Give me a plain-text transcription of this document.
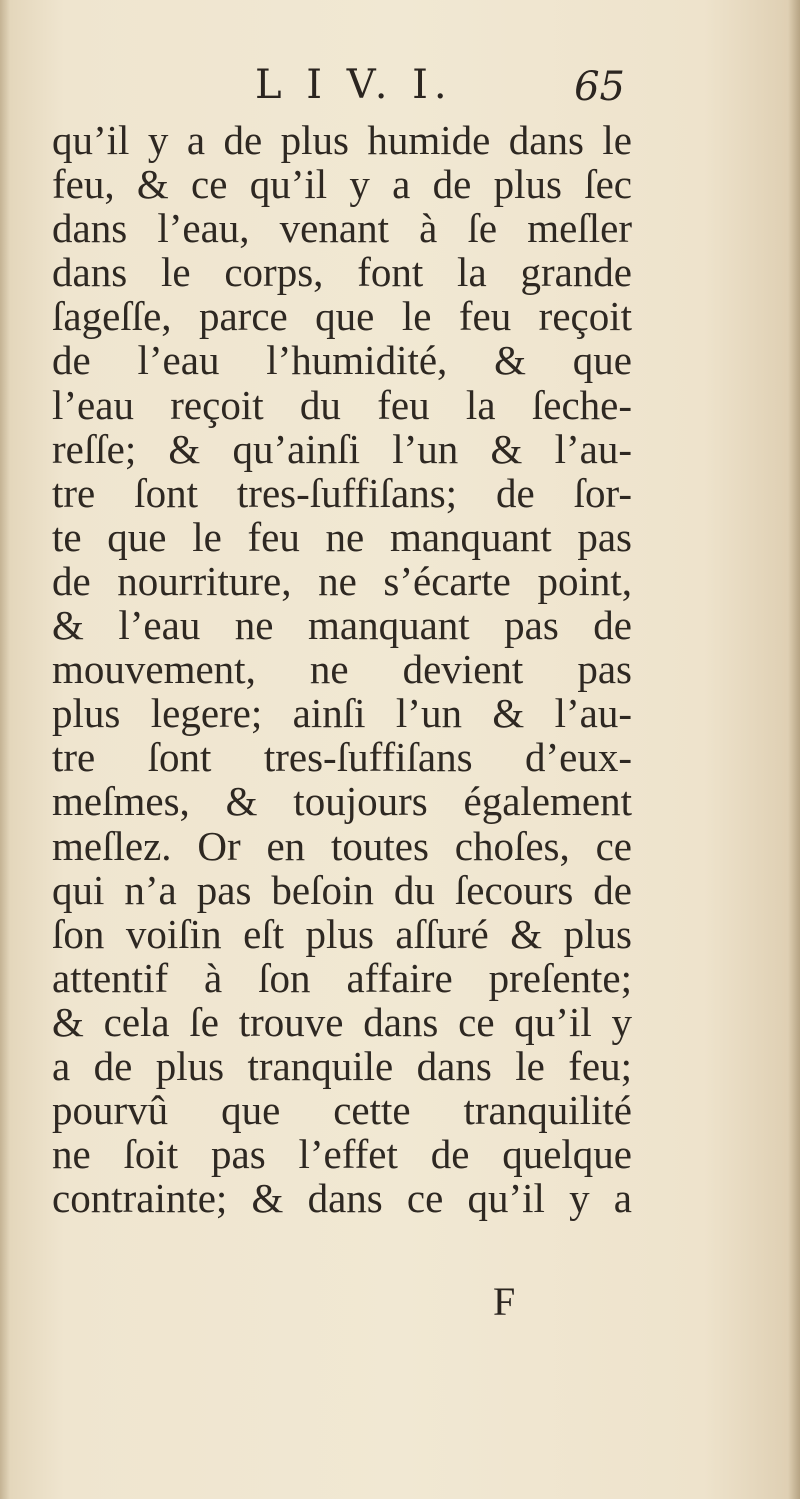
L I V. I.	65
qu’il y a de plus humide dans le
feu, & ce qu’il y a de plus ſec
dans l’eau, venant à ſe meſler
dans le corps, font la grande
ſageſſe, parce que le feu reçoit
de l’eau l’humidité, & que
l’eau reçoit du feu la ſeche-
reſſe; & qu’ainſi l’un & l’au-
tre ſont tres-ſuffiſans; de ſor-
te que le feu ne manquant pas
de nourriture, ne s’écarte point,
& l’eau ne manquant pas de
mouvement, ne devient pas
plus legere; ainſi l’un & l’au-
tre ſont tres-ſuffiſans d’eux-
meſmes, & toujours également
meſlez. Or en toutes choſes, ce
qui n’a pas beſoin du ſecours de
ſon voiſin eſt plus aſſuré & plus
attentif à ſon affaire preſente;
& cela ſe trouve dans ce qu’il y
a de plus tranquile dans le feu;
pourvû que cette tranquilité
ne ſoit pas l’effet de quelque
contrainte; & dans ce qu’il y a
F
